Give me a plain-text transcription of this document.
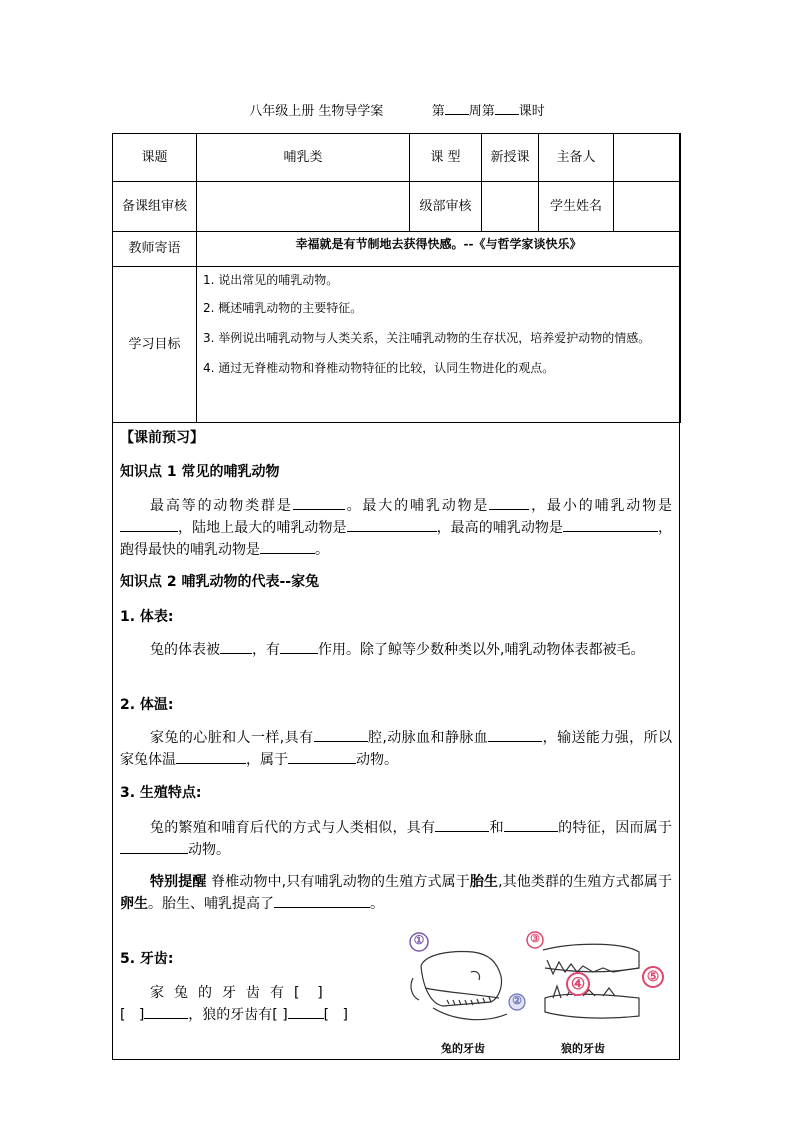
八年级上册 生物导学案	第 周第 课时
课题	哺乳类	课 型	新授课	主备人	
备课组审核		级部审核		学生姓名	
教师寄语	幸福就是有节制地去获得快感。--《与哲学家谈快乐》				
学习目标	1. 说出常见的哺乳动物。

2. 概述哺乳动物的主要特征。

3. 举例说出哺乳动物与人类关系，关注哺乳动物的生存状况，培养爱护动物的情感。

4. 通过无脊椎动物和脊椎动物特征的比较，认同生物进化的观点。				

【课前预习】
知识点 1 常见的哺乳动物
最高等的动物类群是	。最大的哺乳动物是	，最小的哺乳动物是，陆地上最大的哺乳动物是	，最高的哺乳动物是	，跑得最快的哺乳动物是	。
知识点 2 哺乳动物的代表--家兔
1. 体表:
兔的体表被 ，有	作用。除了鲸等少数种类以外,哺乳动物体表都被毛。
2. 体温:
家兔的心脏和人一样,具有	腔,动脉血和静脉血	，输送能力强，所以家兔体温	，属于	动物。
3. 生殖特点:
兔的繁殖和哺育后代的方式与人类相似，具有	和	的特征，因而属于动物。
特别提醒 脊椎动物中,只有哺乳动物的生殖方式属于胎生,其他类群的生殖方式都属于卵生。胎生、哺乳提高了	。
5. 牙齿:
家兔的牙齿有[    ]
[   ]	，狼的牙齿有[ ]	[   ]
①
②
③
④	⑤
兔的牙齿	狼的牙齿
